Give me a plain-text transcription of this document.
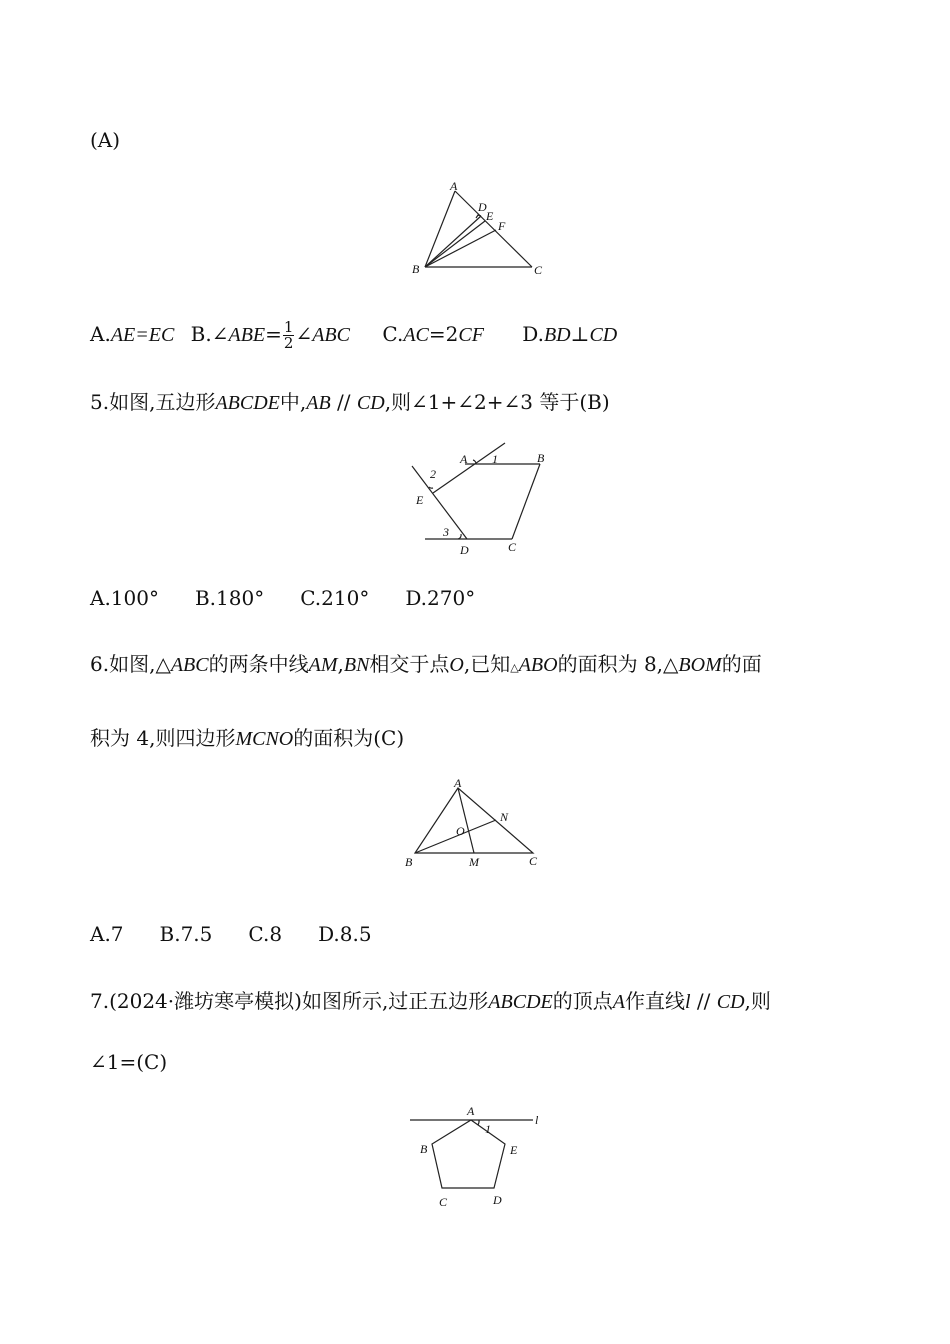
(A)
A
D
E
F
B	C
A.AE=EC B.∠ABE= $\frac{1}{2}$ ∠ABC C.AC=2CF D.BD⊥CD
5.如图,五边形ABCDE中,AB // CD,则∠1+∠2+∠3 等于(B)
A 1	B
2
E
3
D	C
A.100° B.180° C.210° D.270°
6.如图,△ABC的两条中线AM,BN相交于点O,已知△ABO的面积为 8,△BOM的面
积为 4,则四边形MCNO的面积为(C)
A
N
O
B	M	C
A.7 B.7.5 C.8 D.8.5
7.(2024·潍坊寒亭模拟)如图所示,过正五边形ABCDE的顶点A作直线l // CD,则
∠1=(C)
A
l
1
B	E
C	D
